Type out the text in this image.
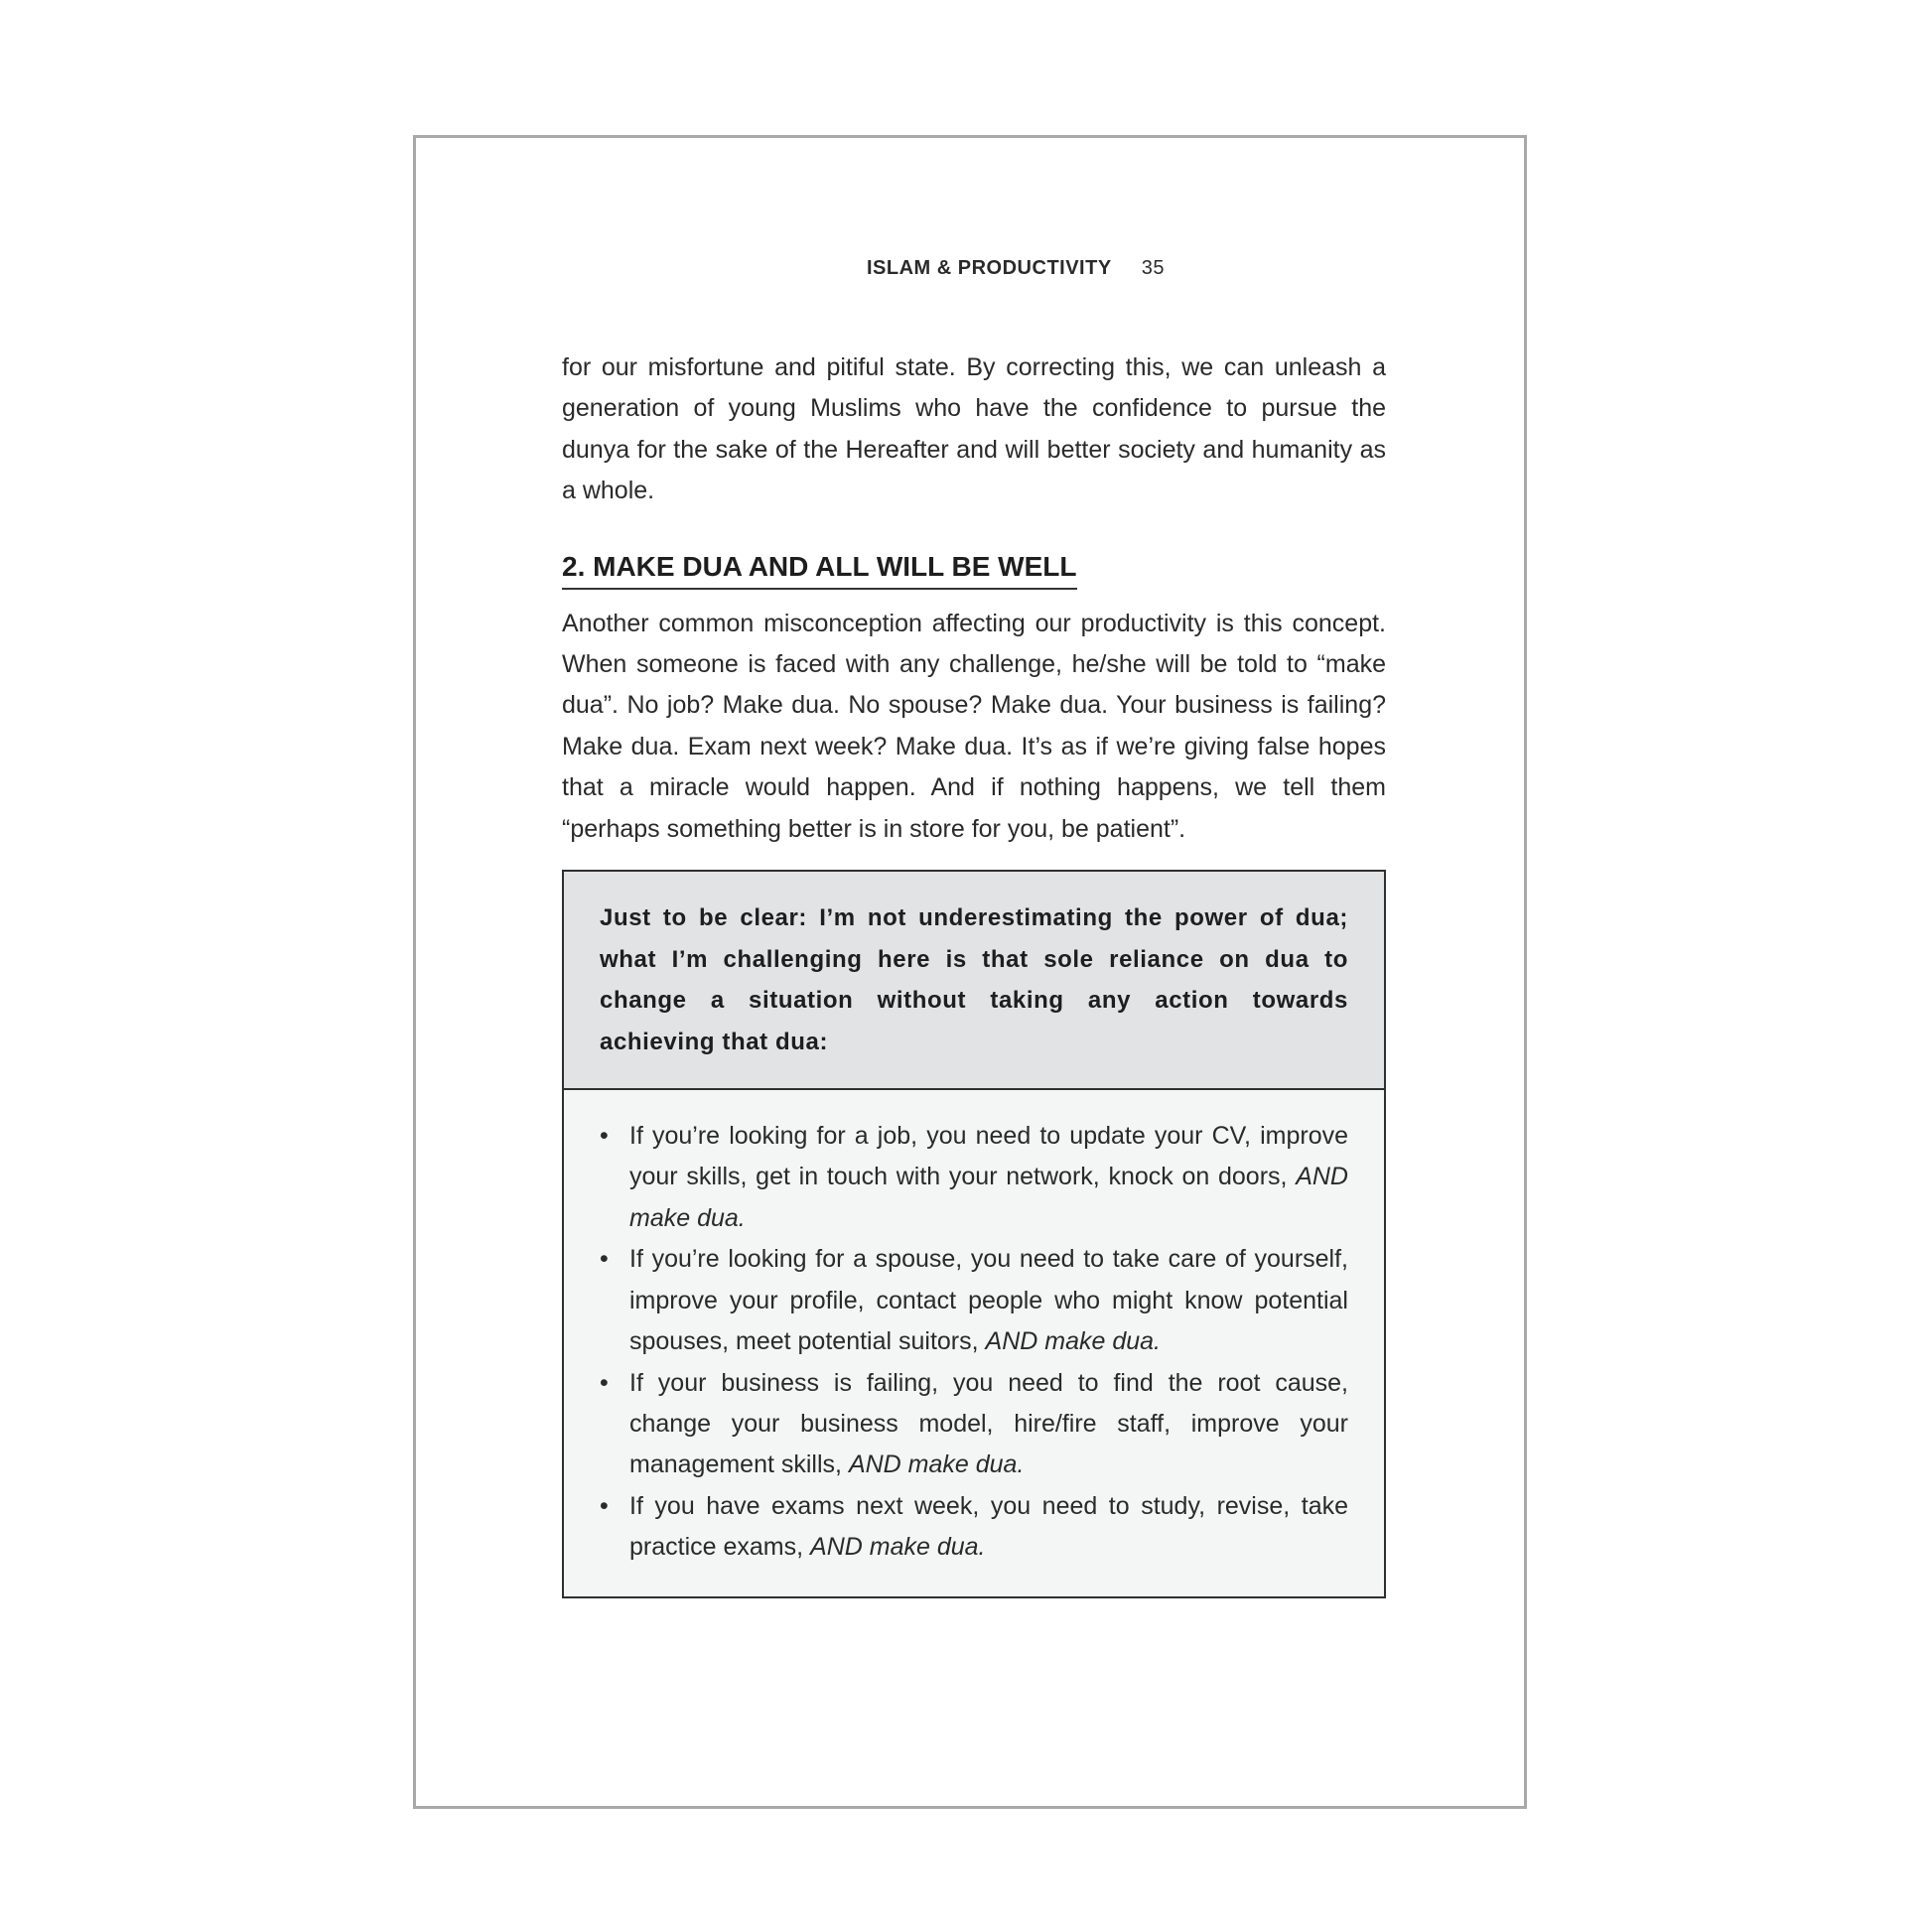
ISLAM & PRODUCTIVITY 35

for our misfortune and pitiful state. By correcting this, we can unleash a generation of young Muslims who have the confidence to pursue the dunya for the sake of the Hereafter and will better society and humanity as a whole.

2. MAKE DUA AND ALL WILL BE WELL

Another common misconception affecting our productivity is this concept. When someone is faced with any challenge, he/she will be told to “make dua”. No job? Make dua. No spouse? Make dua. Your business is failing? Make dua. Exam next week? Make dua. It’s as if we’re giving false hopes that a miracle would happen. And if nothing happens, we tell them “perhaps something better is in store for you, be patient”.

Just to be clear: I’m not underestimating the power of dua; what I’m challenging here is that sole reliance on dua to change a situation without taking any action towards achieving that dua:
• If you’re looking for a job, you need to update your CV, improve your skills, get in touch with your network, knock on doors, AND make dua.
• If you’re looking for a spouse, you need to take care of yourself, improve your profile, contact people who might know potential spouses, meet potential suitors, AND make dua.
• If your business is failing, you need to find the root cause, change your business model, hire/fire staff, improve your management skills, AND make dua.
• If you have exams next week, you need to study, revise, take practice exams, AND make dua.
